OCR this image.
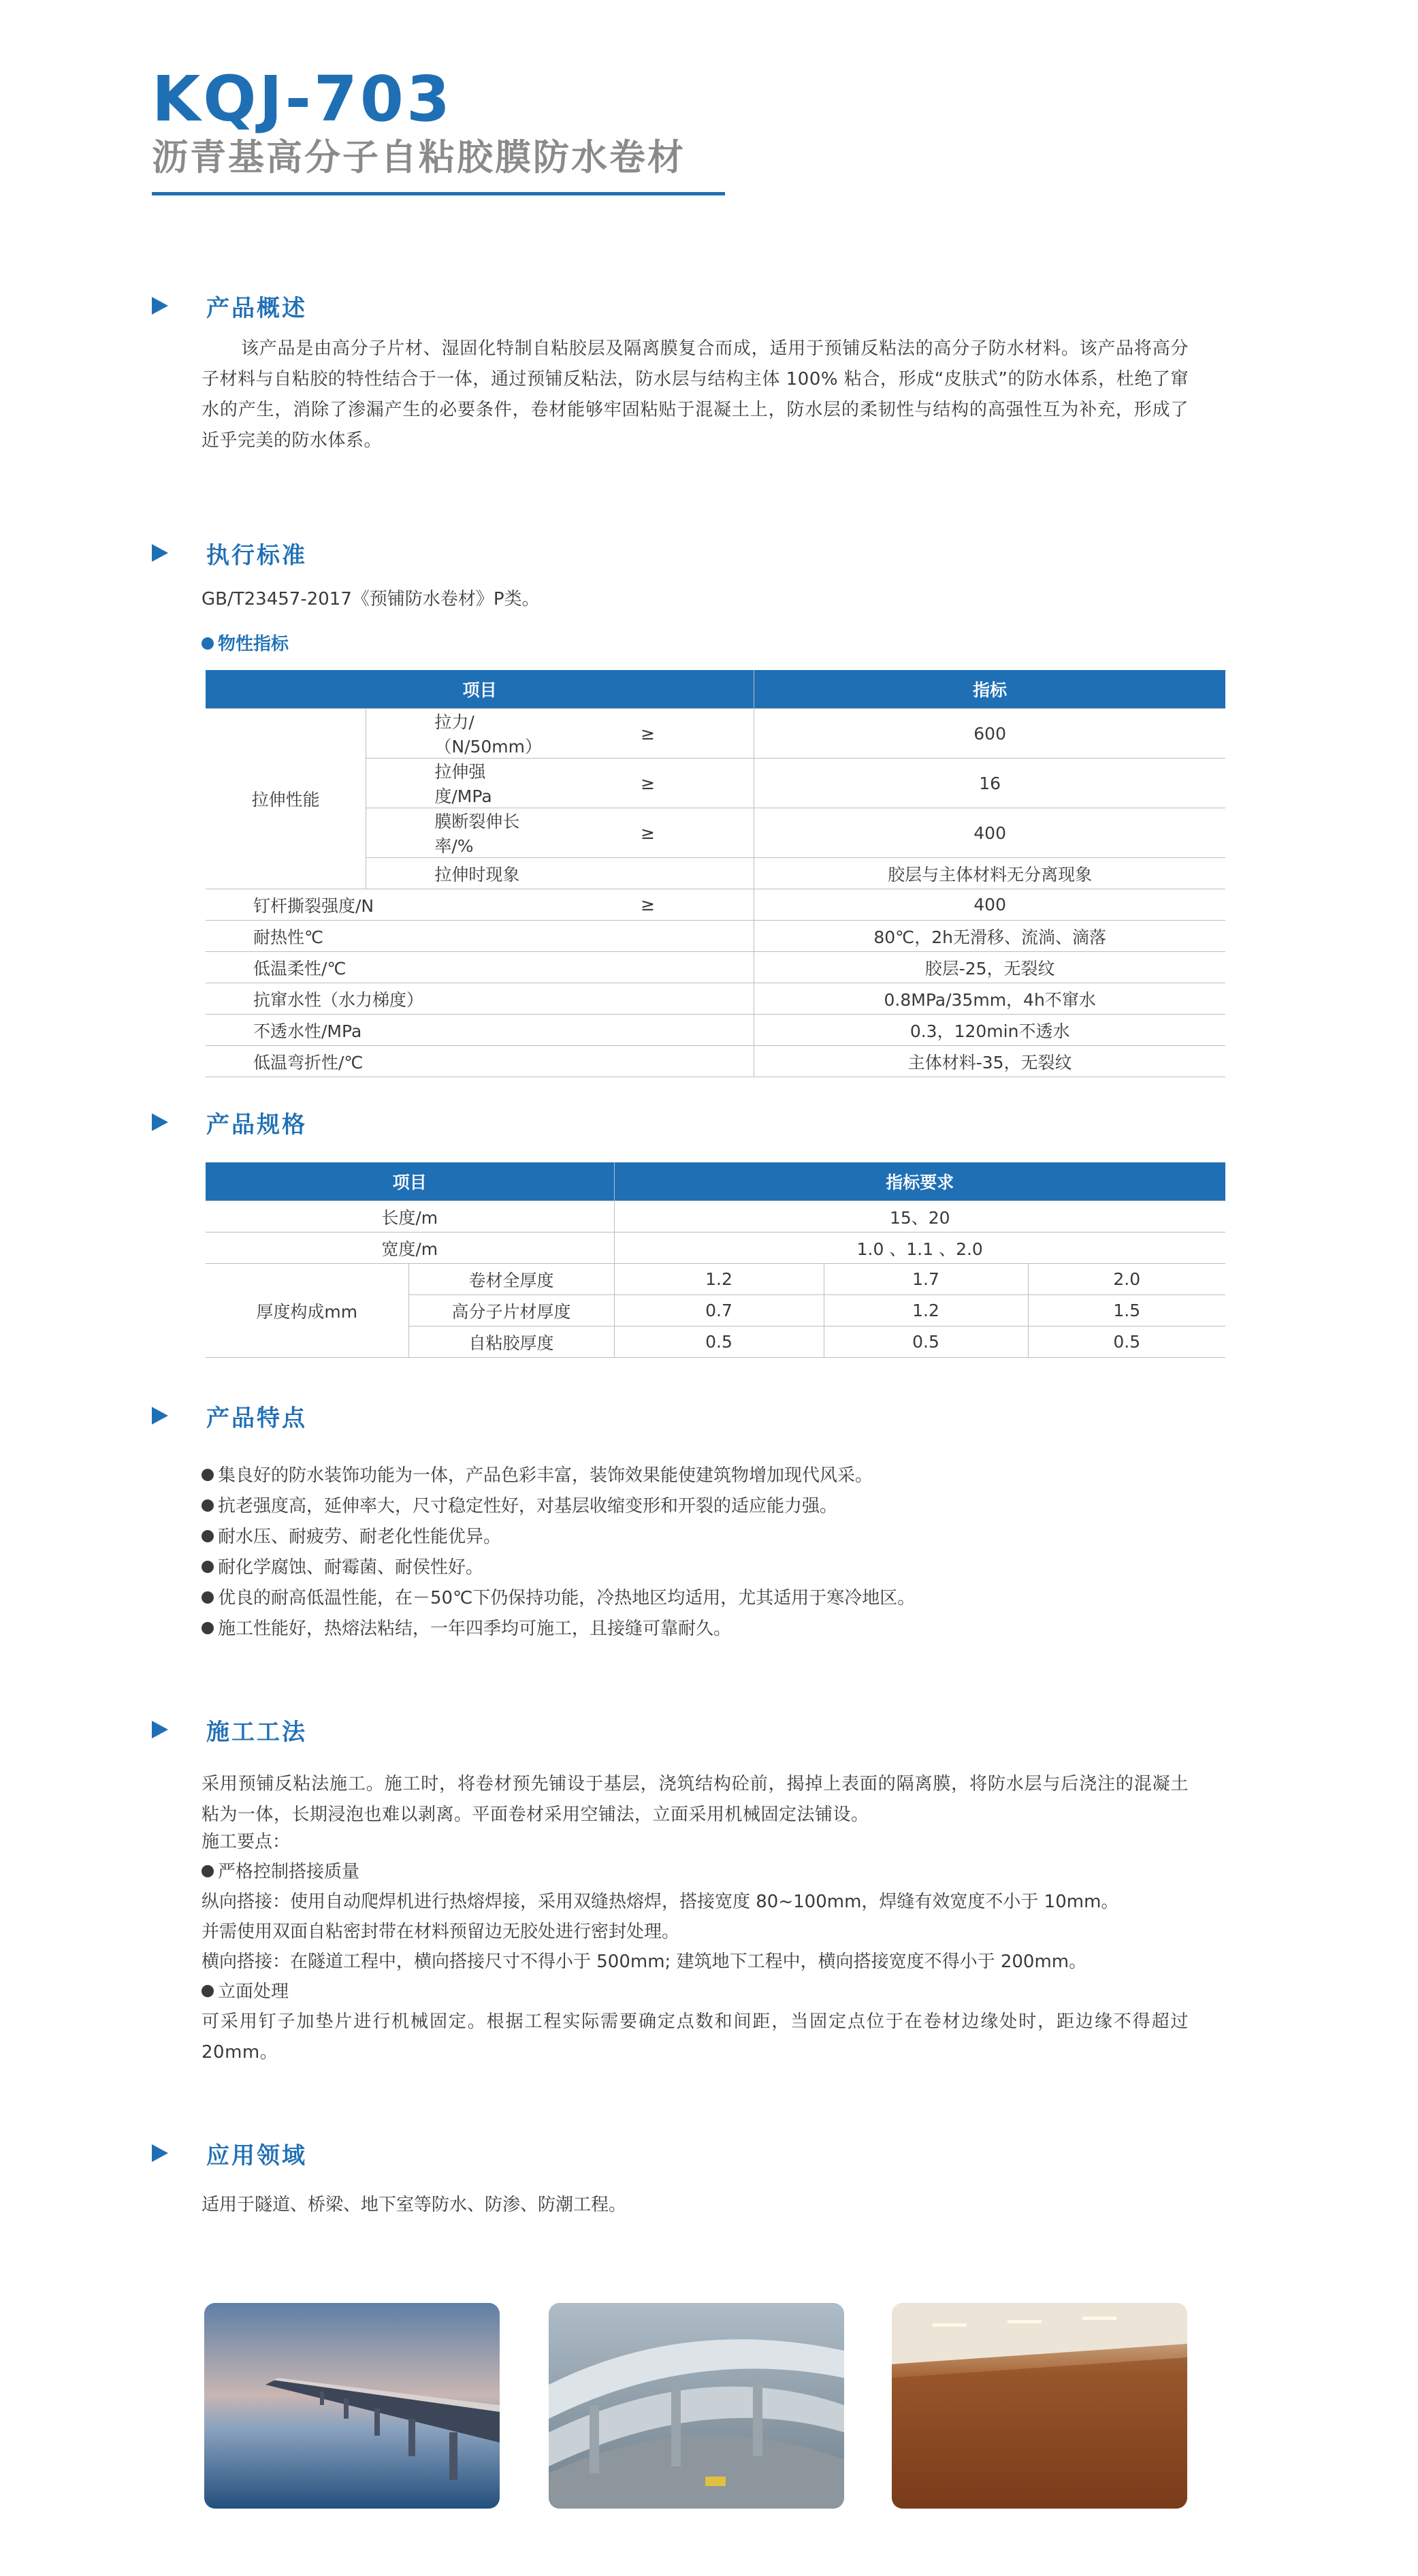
KQJ-703
沥青基高分子自粘胶膜防水卷材
产品概述
该产品是由高分子片材、湿固化特制自粘胶层及隔离膜复合而成，适用于预铺反粘法的高分子防水材料。该产品将高分子材料与自粘胶的特性结合于一体，通过预铺反粘法，防水层与结构主体 100% 粘合，形成“皮肤式”的防水体系，杜绝了窜水的产生，消除了渗漏产生的必要条件，卷材能够牢固粘贴于混凝土上，防水层的柔韧性与结构的高强性互为补充，形成了近乎完美的防水体系。
执行标准
GB/T23457-2017《预铺防水卷材》P类。
物性指标
项目			指标
拉伸性能	拉力/（N/50mm）	≥	600
	拉伸强度/MPa	≥	16
	膜断裂伸长率/%	≥	400
	拉伸时现象		胶层与主体材料无分离现象
钉杆撕裂强度/N		≥	400
耐热性℃			80℃，2h无滑移、流淌、滴落
低温柔性/℃			胶层-25，无裂纹
抗窜水性（水力梯度）			0.8MPa/35mm，4h不窜水
不透水性/MPa			0.3，120min不透水
低温弯折性/℃			主体材料-35，无裂纹
产品规格
项目		指标要求		
长度/m		15、20		
宽度/m		1.0 、1.1 、2.0		
厚度构成mm	卷材全厚度	1.2	1.7	2.0
	高分子片材厚度	0.7	1.2	1.5
	自粘胶厚度	0.5	0.5	0.5
产品特点
集良好的防水装饰功能为一体，产品色彩丰富，装饰效果能使建筑物增加现代风采。
抗老强度高，延伸率大，尺寸稳定性好，对基层收缩变形和开裂的适应能力强。
耐水压、耐疲劳、耐老化性能优异。
耐化学腐蚀、耐霉菌、耐侯性好。
优良的耐高低温性能，在－50℃下仍保持功能，冷热地区均适用，尤其适用于寒冷地区。
施工性能好，热熔法粘结，一年四季均可施工，且接缝可靠耐久。
施工工法
采用预铺反粘法施工。施工时，将卷材预先铺设于基层，浇筑结构砼前，揭掉上表面的隔离膜，将防水层与后浇注的混凝土粘为一体，长期浸泡也难以剥离。平面卷材采用空铺法，立面采用机械固定法铺设。
施工要点：
严格控制搭接质量
纵向搭接：使用自动爬焊机进行热熔焊接，采用双缝热熔焊，搭接宽度 80~100mm，焊缝有效宽度不小于 10mm。
并需使用双面自粘密封带在材料预留边无胶处进行密封处理。
横向搭接：在隧道工程中，横向搭接尺寸不得小于 500mm; 建筑地下工程中，横向搭接宽度不得小于 200mm。
立面处理
可采用钉子加垫片进行机械固定。根据工程实际需要确定点数和间距，当固定点位于在卷材边缘处时，距边缘不得超过 20mm。
应用领域
适用于隧道、桥梁、地下室等防水、防渗、防潮工程。
